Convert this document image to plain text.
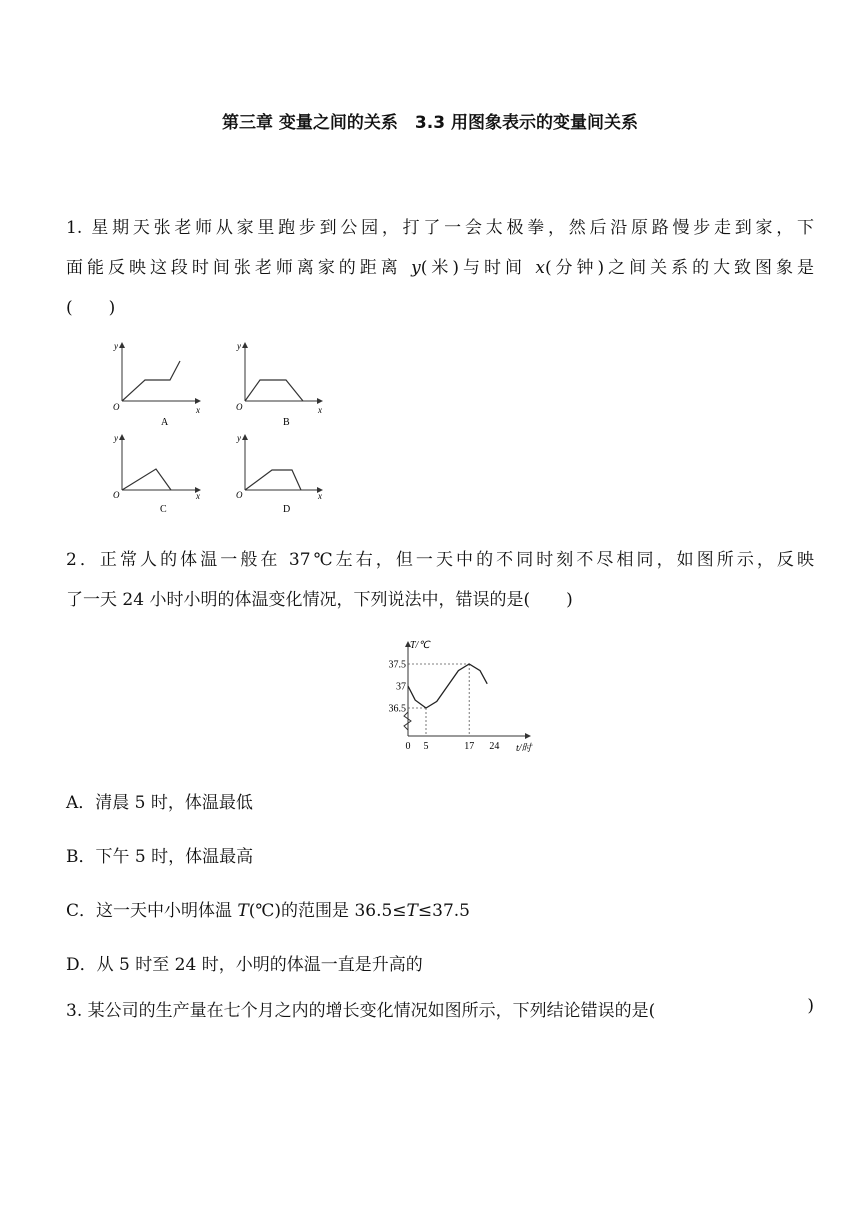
第三章 变量之间的关系　3.3 用图象表示的变量间关系
1. 星期天张老师从家里跑步到公园，打了一会太极拳，然后沿原路慢步走到家，下
面能反映这段时间张老师离家的距离 y(米)与时间 x(分钟)之间关系的大致图象是
( )
y
x
O
A
y
x
O
B
y
x
O
C
y
x
O
D
2．正常人的体温一般在 37℃左右，但一天中的不同时刻不尽相同，如图所示，反映
了一天 24 小时小明的体温变化情况，下列说法中，错误的是( )
0 5	17 24
36.5
37
37.5
T/℃
t/时
A．清晨 5 时，体温最低
B．下午 5 时，体温最高
C．这一天中小明体温 T(℃)的范围是 36.5≤T≤37.5
D．从 5 时至 24 时，小明的体温一直是升高的
3. 某公司的生产量在七个月之内的增长变化情况如图所示，下列结论错误的是(	)
